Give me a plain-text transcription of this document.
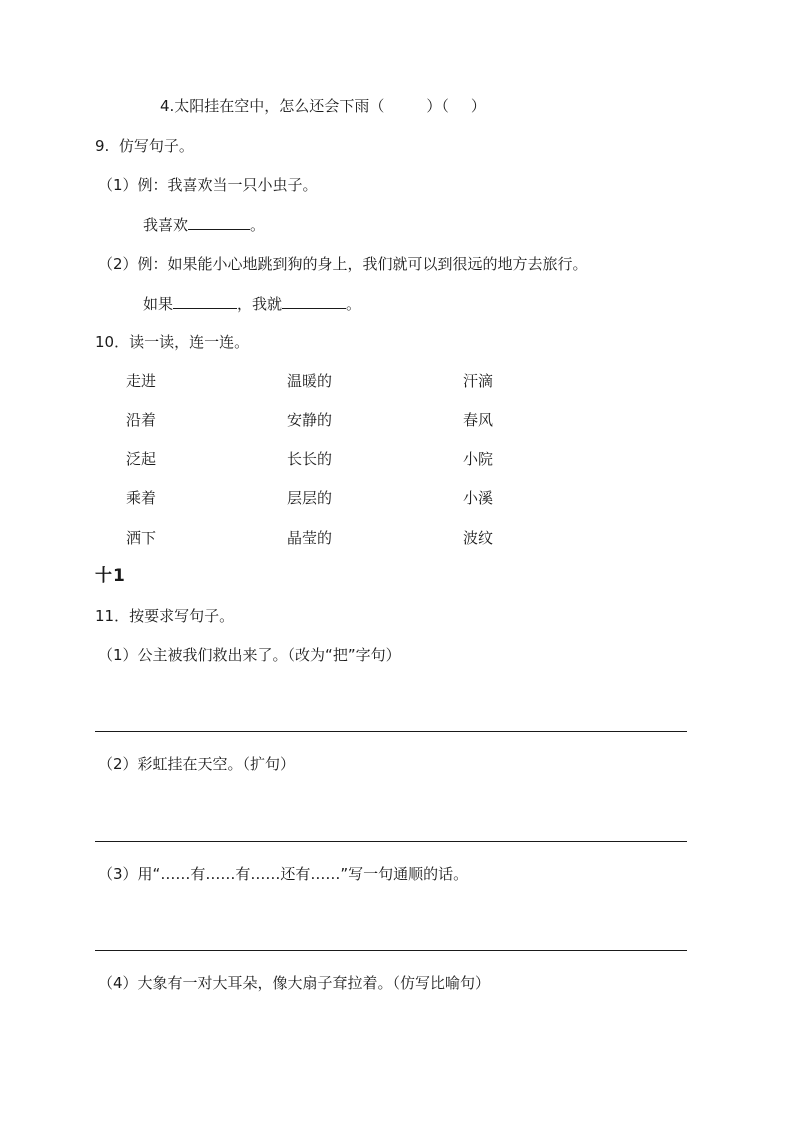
4.太阳挂在空中，怎么还会下雨（	）（ ）
9.  仿写句子。
（1）例：我喜欢当一只小虫子。
我喜欢	。
（2）例：如果能小心地跳到狗的身上，我们就可以到很远的地方去旅行。
如果	，我就	。
10．读一读，连一连。
走进	温暖的	汗滴
沿着	安静的	春风
泛起	长长的	小院
乘着	层层的	小溪
洒下	晶莹的	波纹
十1
11．按要求写句子。
（1）公主被我们救出来了。（改为“把”字句）
（2）彩虹挂在天空。（扩句）
（3）用“……有……有……还有……”写一句通顺的话。
（4）大象有一对大耳朵，像大扇子耷拉着。（仿写比喻句）
